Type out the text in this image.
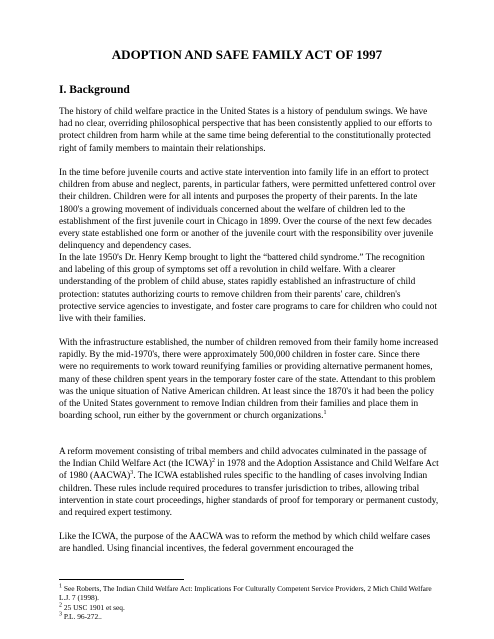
ADOPTION AND SAFE FAMILY ACT OF 1997
I. Background

The history of child welfare practice in the United States is a history of pendulum swings. We have had no clear, overriding philosophical perspective that has been consistently applied to our efforts to protect children from harm while at the same time being deferential to the constitutionally protected right of family members to maintain their relationships.

In the time before juvenile courts and active state intervention into family life in an effort to protect children from abuse and neglect, parents, in particular fathers, were permitted unfettered control over their children. Children were for all intents and purposes the property of their parents. In the late 1800's a growing movement of individuals concerned about the welfare of children led to the establishment of the first juvenile court in Chicago in 1899. Over the course of the next few decades every state established one form or another of the juvenile court with the responsibility over juvenile delinquency and dependency cases.

In the late 1950's Dr. Henry Kemp brought to light the “battered child syndrome.” The recognition and labeling of this group of symptoms set off a revolution in child welfare. With a clearer understanding of the problem of child abuse, states rapidly established an infrastructure of child protection: statutes authorizing courts to remove children from their parents' care, children's protective service agencies to investigate, and foster care programs to care for children who could not live with their families.

With the infrastructure established, the number of children removed from their family home increased rapidly. By the mid-1970's, there were approximately 500,000 children in foster care. Since there were no requirements to work toward reunifying families or providing alternative permanent homes, many of these children spent years in the temporary foster care of the state. Attendant to this problem was the unique situation of Native American children. At least since the 1870's it had been the policy of the United States government to remove Indian children from their families and place them in boarding school, run either by the government or church organizations.$^1$

A reform movement consisting of tribal members and child advocates culminated in the passage of the Indian Child Welfare Act (the ICWA)$^2$ in 1978 and the Adoption Assistance and Child Welfare Act of 1980 (AACWA)$^3$. The ICWA established rules specific to the handling of cases involving Indian children. These rules include required procedures to transfer jurisdiction to tribes, allowing tribal intervention in state court proceedings, higher standards of proof for temporary or permanent custody, and required expert testimony.

Like the ICWA, the purpose of the AACWA was to reform the method by which child welfare cases are handled. Using financial incentives, the federal government encouraged the

$^1$ See Roberts, The Indian Child Welfare Act: Implications For Culturally Competent Service Providers, 2 Mich Child Welfare L.J. 7 (1998).

$^2$ 25 USC 1901 et seq.

$^3$ P.L. 96-272..
